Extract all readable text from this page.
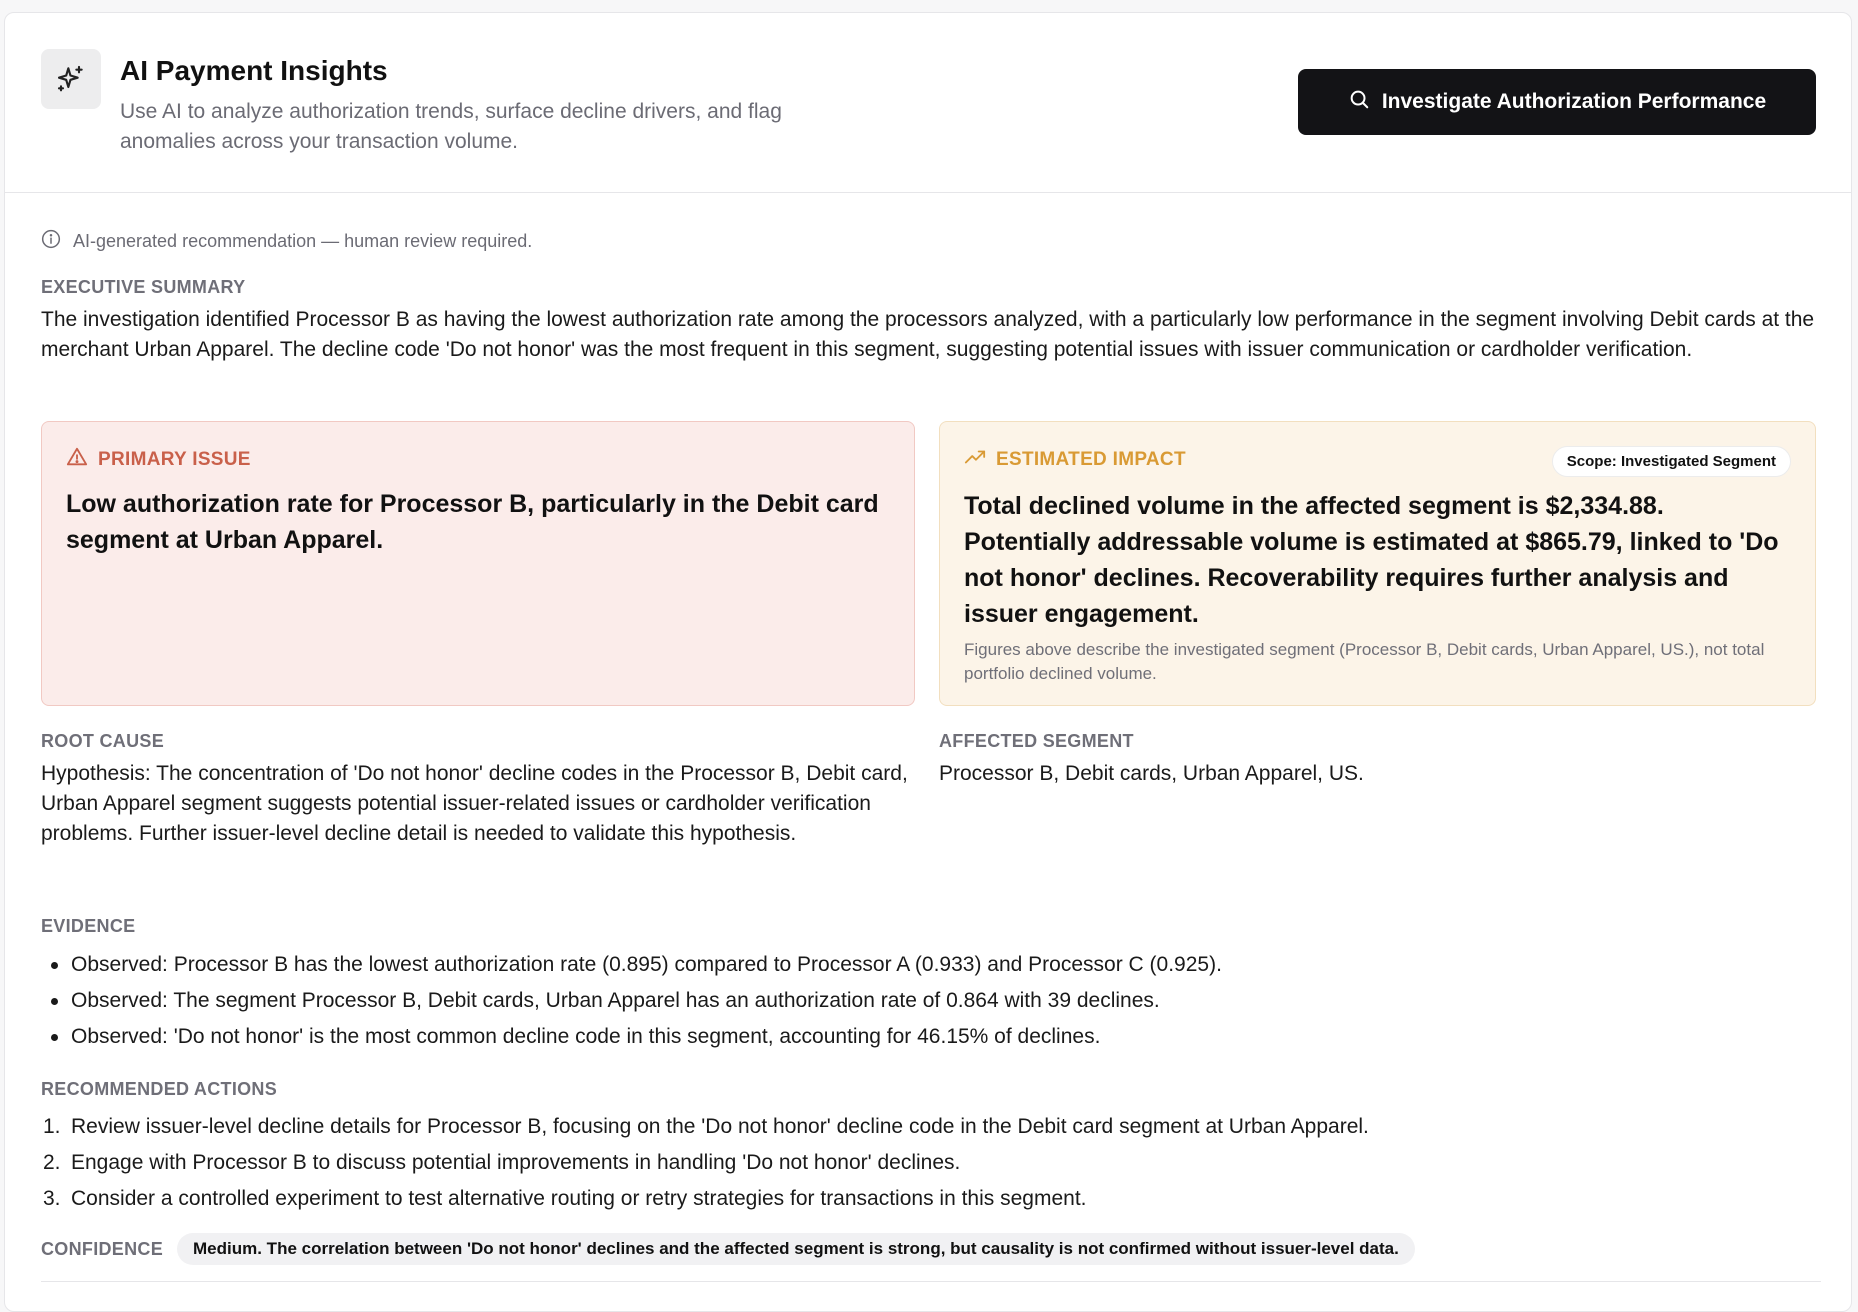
AI Payment Insights
Use AI to analyze authorization trends, surface decline drivers, and flag anomalies across your transaction volume.
Investigate Authorization Performance
AI-generated recommendation — human review required.
EXECUTIVE SUMMARY
The investigation identified Processor B as having the lowest authorization rate among the processors analyzed, with a particularly low performance in the segment involving Debit cards at the merchant Urban Apparel. The decline code 'Do not honor' was the most frequent in this segment, suggesting potential issues with issuer communication or cardholder verification.
PRIMARY ISSUE
Low authorization rate for Processor B, particularly in the Debit card segment at Urban Apparel.
ESTIMATED IMPACT	Scope: Investigated Segment
Total declined volume in the affected segment is $2,334.88. Potentially addressable volume is estimated at $865.79, linked to 'Do not honor' declines. Recoverability requires further analysis and issuer engagement.
Figures above describe the investigated segment (Processor B, Debit cards, Urban Apparel, US.), not total portfolio declined volume.
ROOT CAUSE
Hypothesis: The concentration of 'Do not honor' decline codes in the Processor B, Debit card, Urban Apparel segment suggests potential issuer-related issues or cardholder verification problems. Further issuer-level decline detail is needed to validate this hypothesis.
AFFECTED SEGMENT
Processor B, Debit cards, Urban Apparel, US.
EVIDENCE
Observed: Processor B has the lowest authorization rate (0.895) compared to Processor A (0.933) and Processor C (0.925).
Observed: The segment Processor B, Debit cards, Urban Apparel has an authorization rate of 0.864 with 39 declines.
Observed: 'Do not honor' is the most common decline code in this segment, accounting for 46.15% of declines.
RECOMMENDED ACTIONS
1. Review issuer-level decline details for Processor B, focusing on the 'Do not honor' decline code in the Debit card segment at Urban Apparel.
2. Engage with Processor B to discuss potential improvements in handling 'Do not honor' declines.
3. Consider a controlled experiment to test alternative routing or retry strategies for transactions in this segment.
CONFIDENCE	Medium. The correlation between 'Do not honor' declines and the affected segment is strong, but causality is not confirmed without issuer-level data.
